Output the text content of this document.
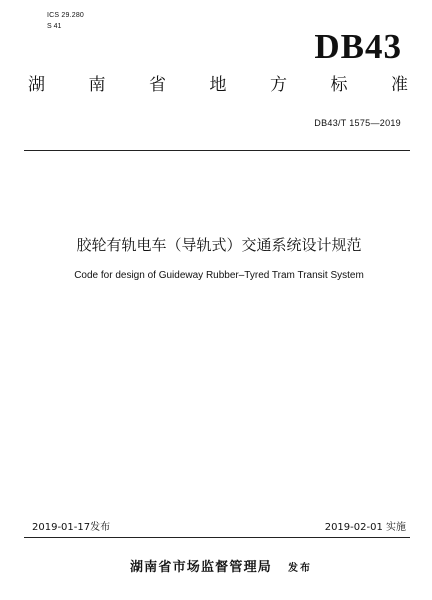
ICS 29.280
S 41
DB43
湖	南	省	地	方	标	准
DB43/T 1575—2019
胶轮有轨电车（导轨式）交通系统设计规范
Code for design of Guideway Rubber–Tyred Tram Transit System
2019-01-17发布	2019-02-01 实施
湖南省市场监督管理局 发布
